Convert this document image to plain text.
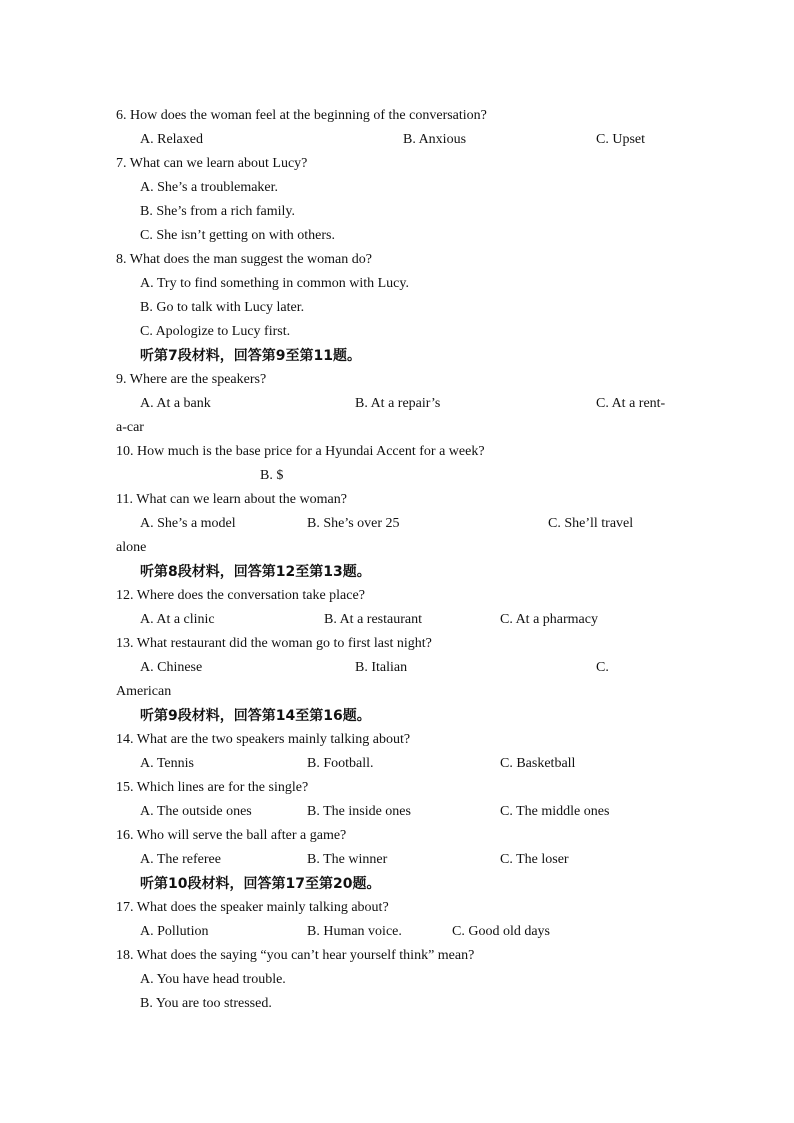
6. How does the woman feel at the beginning of the conversation?
A. Relaxed	B. Anxious	C. Upset
7. What can we learn about Lucy?
A. She’s a troublemaker.
B. She’s from a rich family.
C. She isn’t getting on with others.
8. What does the man suggest the woman do?
A. Try to find something in common with Lucy.
B. Go to talk with Lucy later.
C. Apologize to Lucy first.
听第7段材料，回答第9至第11题。
9. Where are the speakers?
A. At a bank	B. At a repair’s	C. At a rent-
a-car
10. How much is the base price for a Hyundai Accent for a week?
B. $
11. What can we learn about the woman?
A. She’s a model	B. She’s over 25	C. She’ll travel
alone
听第8段材料，回答第12至第13题。
12. Where does the conversation take place?
A. At a clinic	B. At a restaurant	C. At a pharmacy
13. What restaurant did the woman go to first last night?
A. Chinese	B. Italian	C.
American
听第9段材料，回答第14至第16题。
14. What are the two speakers mainly talking about?
A. Tennis	B. Football.	C. Basketball
15. Which lines are for the single?
A. The outside ones	B. The inside ones	C. The middle ones
16. Who will serve the ball after a game?
A. The referee	B. The winner	C. The loser
听第10段材料，回答第17至第20题。
17. What does the speaker mainly talking about?
A. Pollution	B. Human voice.	C. Good old days
18. What does the saying “you can’t hear yourself think” mean?
A. You have head trouble.
B. You are too stressed.
